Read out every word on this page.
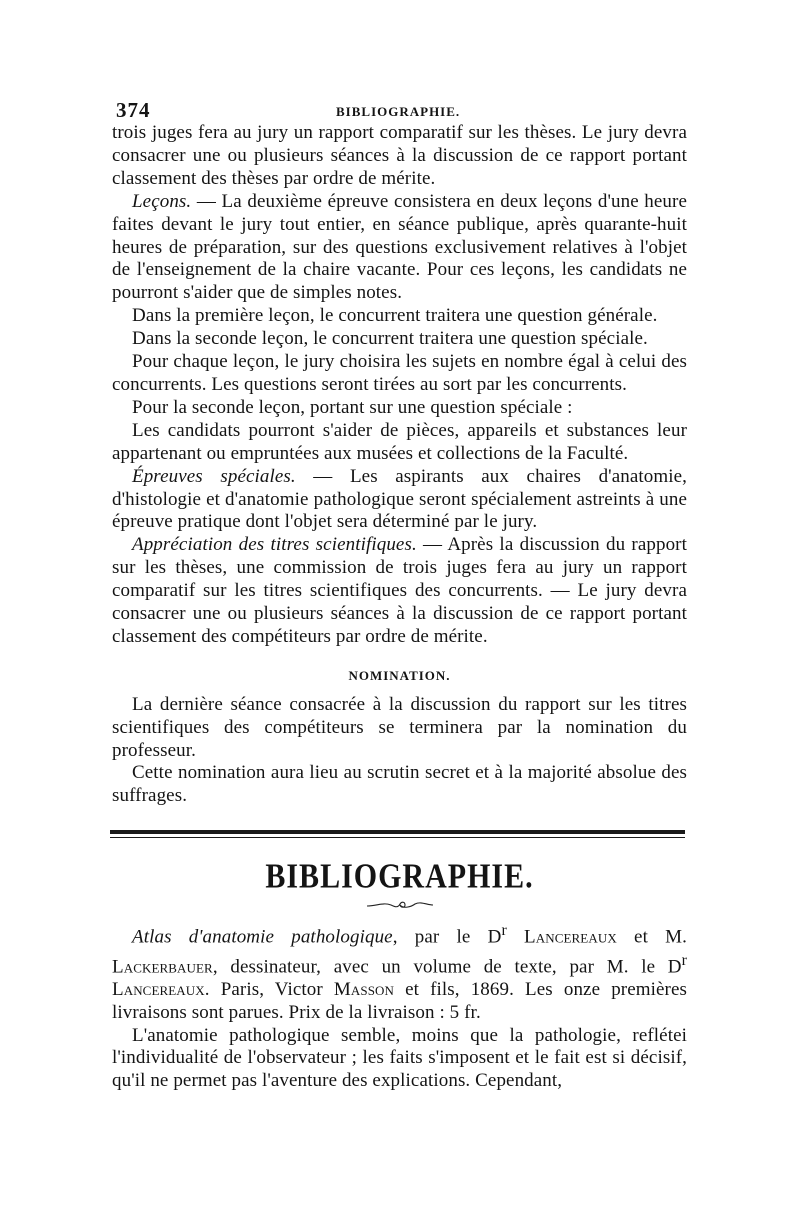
374	BIBLIOGRAPHIE.

trois juges fera au jury un rapport comparatif sur les thèses. Le jury devra consacrer une ou plusieurs séances à la discussion de ce rapport portant classement des thèses par ordre de mérite.

Leçons. — La deuxième épreuve consistera en deux leçons d'une heure faites devant le jury tout entier, en séance publique, après quarante-huit heures de préparation, sur des questions exclusivement relatives à l'objet de l'enseignement de la chaire vacante. Pour ces leçons, les candidats ne pourront s'aider que de simples notes.

Dans la première leçon, le concurrent traitera une question générale.

Dans la seconde leçon, le concurrent traitera une question spéciale.

Pour chaque leçon, le jury choisira les sujets en nombre égal à celui des concurrents. Les questions seront tirées au sort par les concurrents.

Pour la seconde leçon, portant sur une question spéciale :

Les candidats pourront s'aider de pièces, appareils et substances leur appartenant ou empruntées aux musées et collections de la Faculté.

Épreuves spéciales. — Les aspirants aux chaires d'anatomie, d'histologie et d'anatomie pathologique seront spécialement astreints à une épreuve pratique dont l'objet sera déterminé par le jury.

Appréciation des titres scientifiques. — Après la discussion du rapport sur les thèses, une commission de trois juges fera au jury un rapport comparatif sur les titres scientifiques des concurrents. — Le jury devra consacrer une ou plusieurs séances à la discussion de ce rapport portant classement des compétiteurs par ordre de mérite.

NOMINATION.

La dernière séance consacrée à la discussion du rapport sur les titres scientifiques des compétiteurs se terminera par la nomination du professeur.

Cette nomination aura lieu au scrutin secret et à la majorité absolue des suffrages.

BIBLIOGRAPHIE.

Atlas d'anatomie pathologique, par le $D^r$ Lancereaux et M. Lackerbauer, dessinateur, avec un volume de texte, par M. le $D^r$ Lancereaux. Paris, Victor Masson et fils, 1869. Les onze premières livraisons sont parues. Prix de la livraison : 5 fr.

L'anatomie pathologique semble, moins que la pathologie, reflétei l'individualité de l'observateur ; les faits s'imposent et le fait est si décisif, qu'il ne permet pas l'aventure des explications. Cependant,
